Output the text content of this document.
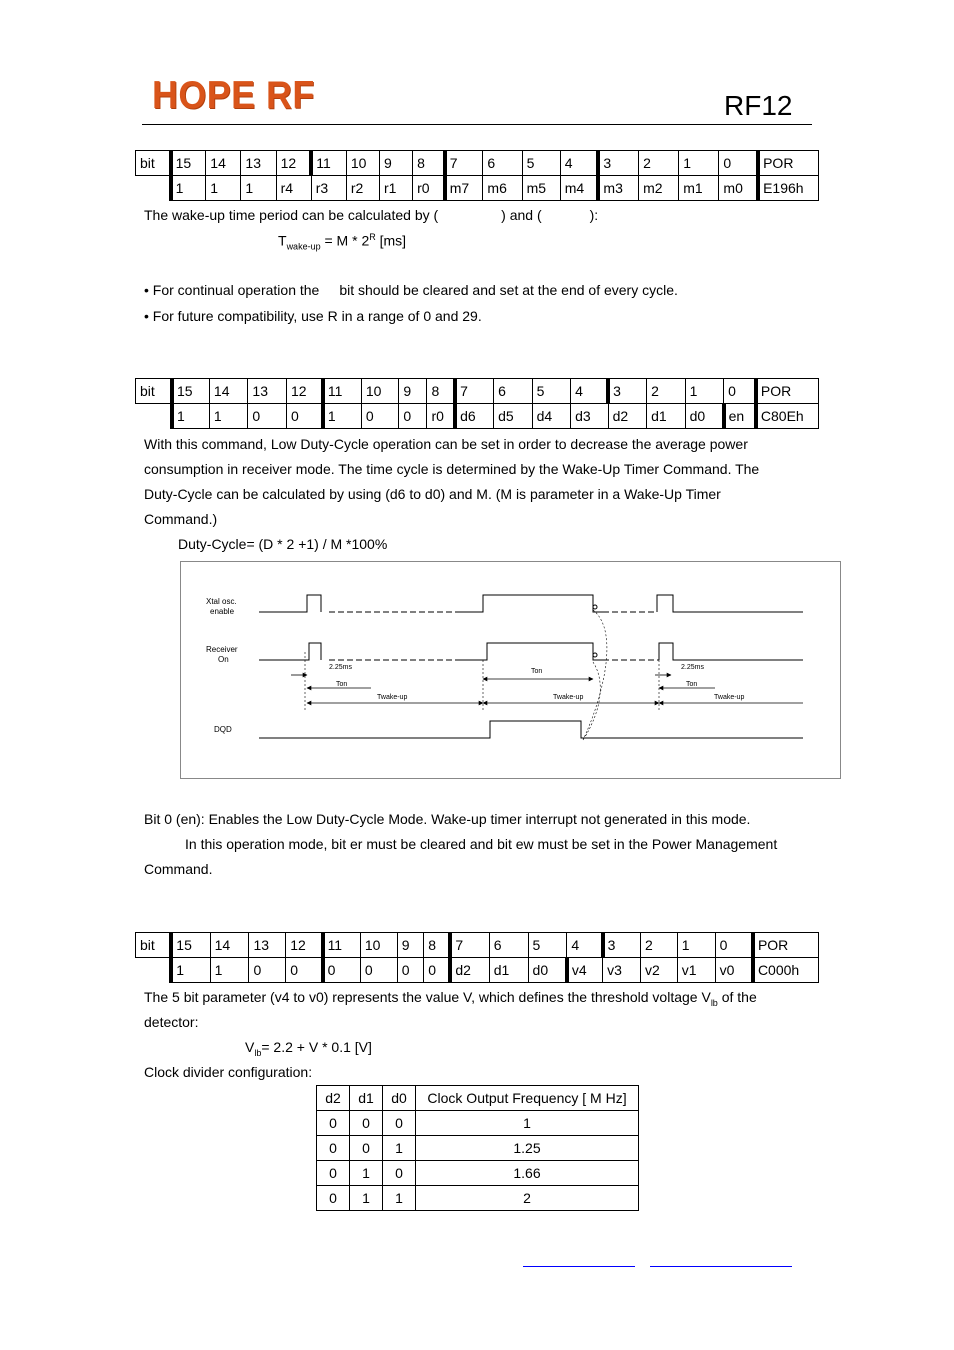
HOPE RF	RF12
bit	15	14	13	12	11	10	9	8	7	6	5	4	3	2	1	0	POR
	1	1	1	r4	r3	r2	r1	r0	m7	m6	m5	m4	m3	m2	m1	m0	E196h
The wake-up time period can be calculated by (	) and (	):
$T_{wake-up} = M * 2^R$ [ms]
• For continual operation the bit should be cleared and set at the end of every cycle.
• For future compatibility, use R in a range of 0 and 29.
bit	15	14	13	12	11	10	9	8	7	6	5	4	3	2	1	0	POR
	1	1	0	0	1	0	0	r0	d6	d5	d4	d3	d2	d1	d0	en	C80Eh
With this command, Low Duty-Cycle operation can be set in order to decrease the average power
consumption in receiver mode. The time cycle is determined by the Wake-Up Timer Command. The
Duty-Cycle can be calculated by using (d6 to d0) and M. (M is parameter in a Wake-Up Timer
Command.)
Duty-Cycle= (D * 2 +1) / M *100%
Xtal osc.
enable
Receiver
On
DQD
2.25ms
Ton
Twake-up
Ton
Twake-up
2.25ms
Ton
Twake-up
Bit 0 (en): Enables the Low Duty-Cycle Mode. Wake-up timer interrupt not generated in this mode.
In this operation mode, bit er must be cleared and bit ew must be set in the Power Management
Command.
bit	15	14	13	12	11	10	9	8	7	6	5	4	3	2	1	0	POR
	1	1	0	0	0	0	0	0	d2	d1	d0	v4	v3	v2	v1	v0	C000h
The 5 bit parameter (v4 to v0) represents the value V, which defines the threshold voltage $V_{lb}$ of the
detector:
$V_{lb}= 2.2 + V * 0.1$ [V]
Clock divider configuration:
d2	d1	d0	Clock Output Frequency [ M Hz]
0	0	0	1
0	0	1	1.25
0	1	0	1.66
0	1	1	2
